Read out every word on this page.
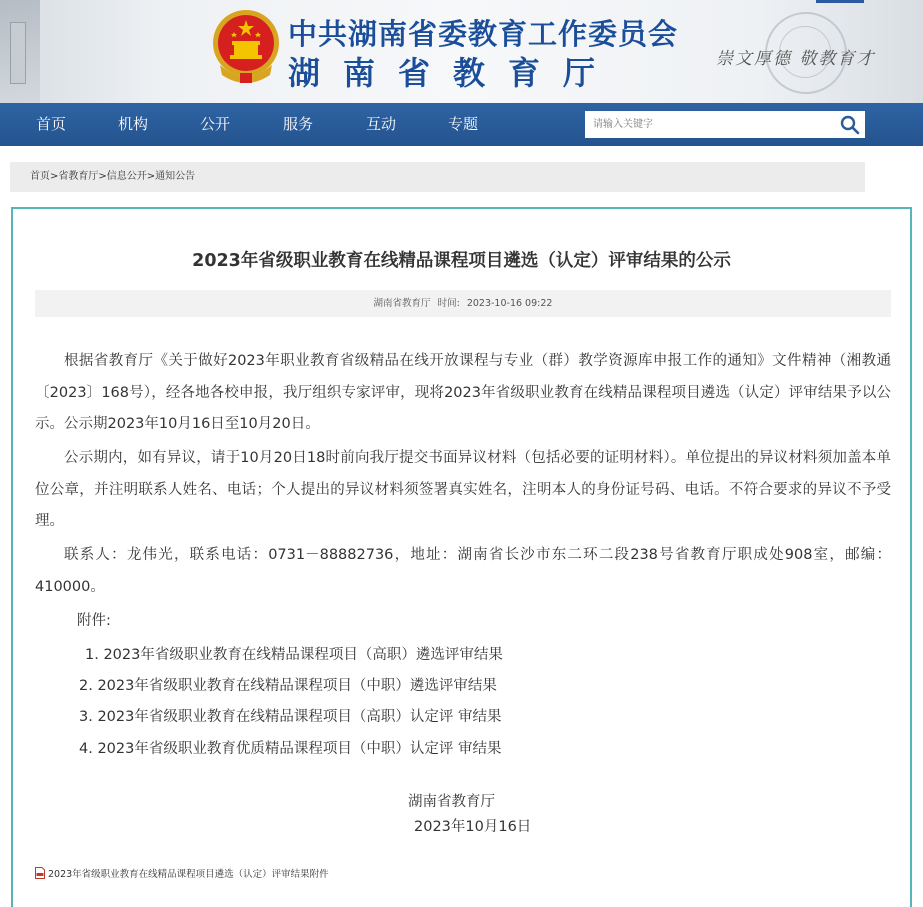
中共湖南省委教育工作委员会
湖南省教育厅	崇文厚德 敬教育才
首页	机构	公开	服务	互动	专题
请输入关键字
首页>省教育厅>信息公开>通知公告
2023年省级职业教育在线精品课程项目遴选（认定）评审结果的公示
湖南省教育厅 时间: 2023-10-16 09:22

根据省教育厅《关于做好2023年职业教育省级精品在线开放课程与专业（群）教学资源库申报工作的通知》文件精神（湘教通〔2023〕168号），经各地各校申报，我厅组织专家评审，现将2023年省级职业教育在线精品课程项目遴选（认定）评审结果予以公示。公示期2023年10月16日至10月20日。

公示期内，如有异议，请于10月20日18时前向我厅提交书面异议材料（包括必要的证明材料）。单位提出的异议材料须加盖本单位公章，并注明联系人姓名、电话；个人提出的异议材料须签署真实姓名，注明本人的身份证号码、电话。不符合要求的异议不予受理。

联系人：龙伟光，联系电话：0731－88882736，地址：湖南省长沙市东二环二段238号省教育厅职成处908室，邮编：410000。

附件:
1. 2023年省级职业教育在线精品课程项目（高职）遴选评审结果
2. 2023年省级职业教育在线精品课程项目（中职）遴选评审结果
3. 2023年省级职业教育在线精品课程项目（高职）认定评 审结果
4. 2023年省级职业教育优质精品课程项目（中职）认定评 审结果
湖南省教育厅
2023年10月16日
2023年省级职业教育在线精品课程项目遴选（认定）评审结果附件
